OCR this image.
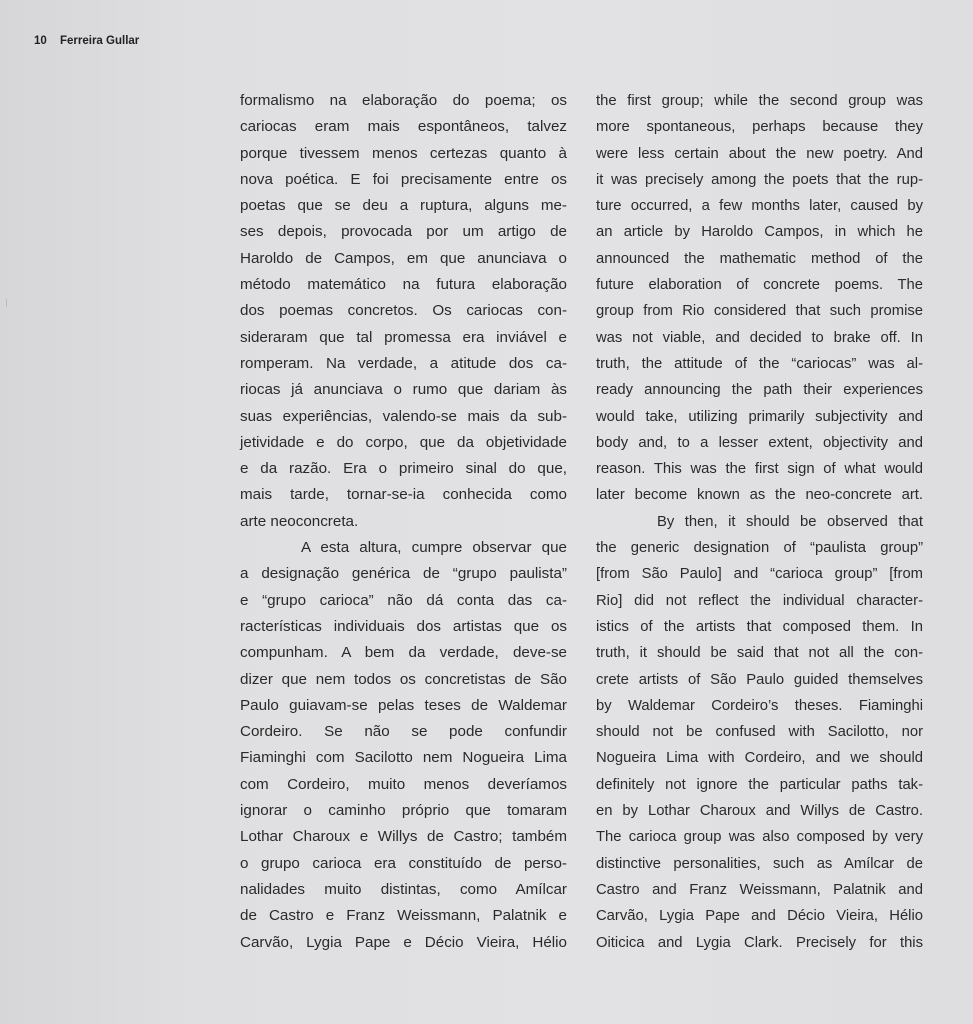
10 Ferreira Gullar
formalismo na elaboração do poema; os
cariocas eram mais espontâneos, talvez
porque tivessem menos certezas quanto à
nova poética. E foi precisamente entre os
poetas que se deu a ruptura, alguns me-
ses depois, provocada por um artigo de
Haroldo de Campos, em que anunciava o
método matemático na futura elaboração
dos poemas concretos. Os cariocas con-
sideraram que tal promessa era inviável e
romperam. Na verdade, a atitude dos ca-
riocas já anunciava o rumo que dariam às
suas experiências, valendo-se mais da sub-
jetividade e do corpo, que da objetividade
e da razão. Era o primeiro sinal do que,
mais tarde, tornar-se-ia conhecida como
arte neoconcreta.
A esta altura, cumpre observar que
a designação genérica de “grupo paulista”
e “grupo carioca” não dá conta das ca-
racterísticas individuais dos artistas que os
compunham. A bem da verdade, deve-se
dizer que nem todos os concretistas de São
Paulo guiavam-se pelas teses de Waldemar
Cordeiro. Se não se pode confundir
Fiaminghi com Sacilotto nem Nogueira Lima
com Cordeiro, muito menos deveríamos
ignorar o caminho próprio que tomaram
Lothar Charoux e Willys de Castro; também
o grupo carioca era constituído de perso-
nalidades muito distintas, como Amílcar
de Castro e Franz Weissmann, Palatnik e
Carvão, Lygia Pape e Décio Vieira, Hélio
the first group; while the second group was
more spontaneous, perhaps because they
were less certain about the new poetry. And
it was precisely among the poets that the rup-
ture occurred, a few months later, caused by
an article by Haroldo Campos, in which he
announced the mathematic method of the
future elaboration of concrete poems. The
group from Rio considered that such promise
was not viable, and decided to brake off. In
truth, the attitude of the “cariocas” was al-
ready announcing the path their experiences
would take, utilizing primarily subjectivity and
body and, to a lesser extent, objectivity and
reason. This was the first sign of what would
later become known as the neo-concrete art.
By then, it should be observed that
the generic designation of “paulista group”
[from São Paulo] and “carioca group” [from
Rio] did not reflect the individual character-
istics of the artists that composed them. In
truth, it should be said that not all the con-
crete artists of São Paulo guided themselves
by Waldemar Cordeiro’s theses. Fiaminghi
should not be confused with Sacilotto, nor
Nogueira Lima with Cordeiro, and we should
definitely not ignore the particular paths tak-
en by Lothar Charoux and Willys de Castro.
The carioca group was also composed by very
distinctive personalities, such as Amílcar de
Castro and Franz Weissmann, Palatnik and
Carvão, Lygia Pape and Décio Vieira, Hélio
Oiticica and Lygia Clark. Precisely for this
